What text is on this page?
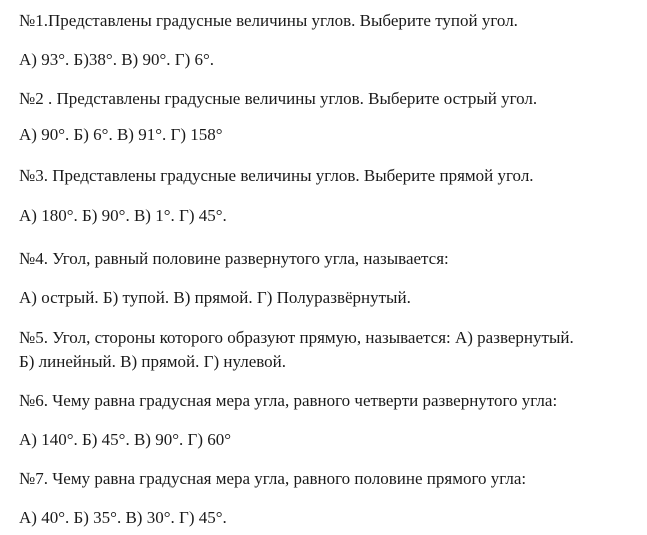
№1.Представлены градусные величины углов. Выберите тупой угол.
А) 93°. Б)38°. В) 90°. Г) 6°.
№2 . Представлены градусные величины углов. Выберите острый угол.
А) 90°. Б) 6°. В) 91°. Г) 158°
№3. Представлены градусные величины углов. Выберите прямой угол.
А) 180°. Б) 90°. В) 1°. Г) 45°.
№4. Угол, равный половине развернутого угла, называется:
А) острый. Б) тупой. В) прямой. Г) Полуразвёрнутый.
№5. Угол, стороны которого образуют прямую, называется: А) развернутый.
Б) линейный. В) прямой. Г) нулевой.
№6. Чему равна градусная мера угла, равного четверти развернутого угла:
А) 140°. Б) 45°. В) 90°. Г) 60°
№7. Чему равна градусная мера угла, равного половине прямого угла:
А) 40°. Б) 35°. В) 30°. Г) 45°.
